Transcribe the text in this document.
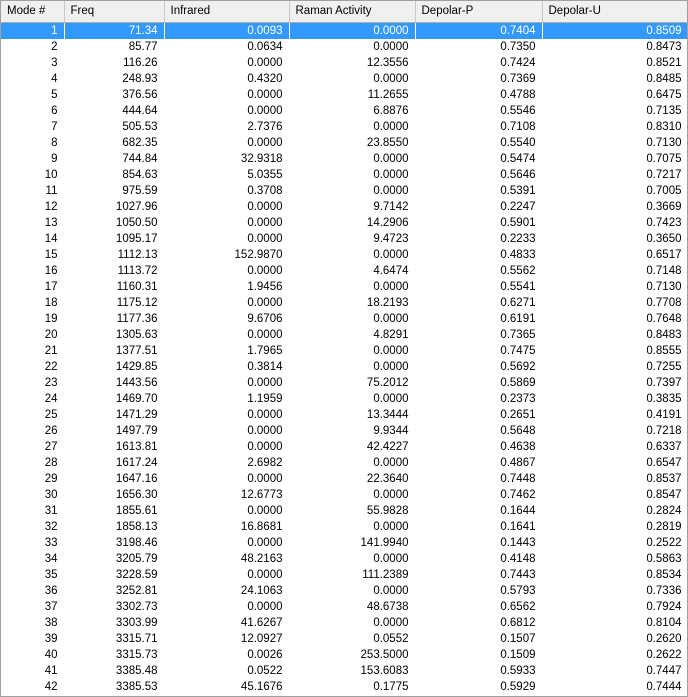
Mode #	Freq	Infrared	Raman Activity	Depolar-P	Depolar-U
1	71.34	0.0093	0.0000	0.7404	0.8509
2	85.77	0.0634	0.0000	0.7350	0.8473
3	116.26	0.0000	12.3556	0.7424	0.8521
4	248.93	0.4320	0.0000	0.7369	0.8485
5	376.56	0.0000	11.2655	0.4788	0.6475
6	444.64	0.0000	6.8876	0.5546	0.7135
7	505.53	2.7376	0.0000	0.7108	0.8310
8	682.35	0.0000	23.8550	0.5540	0.7130
9	744.84	32.9318	0.0000	0.5474	0.7075
10	854.63	5.0355	0.0000	0.5646	0.7217
11	975.59	0.3708	0.0000	0.5391	0.7005
12	1027.96	0.0000	9.7142	0.2247	0.3669
13	1050.50	0.0000	14.2906	0.5901	0.7423
14	1095.17	0.0000	9.4723	0.2233	0.3650
15	1112.13	152.9870	0.0000	0.4833	0.6517
16	1113.72	0.0000	4.6474	0.5562	0.7148
17	1160.31	1.9456	0.0000	0.5541	0.7130
18	1175.12	0.0000	18.2193	0.6271	0.7708
19	1177.36	9.6706	0.0000	0.6191	0.7648
20	1305.63	0.0000	4.8291	0.7365	0.8483
21	1377.51	1.7965	0.0000	0.7475	0.8555
22	1429.85	0.3814	0.0000	0.5692	0.7255
23	1443.56	0.0000	75.2012	0.5869	0.7397
24	1469.70	1.1959	0.0000	0.2373	0.3835
25	1471.29	0.0000	13.3444	0.2651	0.4191
26	1497.79	0.0000	9.9344	0.5648	0.7218
27	1613.81	0.0000	42.4227	0.4638	0.6337
28	1617.24	2.6982	0.0000	0.4867	0.6547
29	1647.16	0.0000	22.3640	0.7448	0.8537
30	1656.30	12.6773	0.0000	0.7462	0.8547
31	1855.61	0.0000	55.9828	0.1644	0.2824
32	1858.13	16.8681	0.0000	0.1641	0.2819
33	3198.46	0.0000	141.9940	0.1443	0.2522
34	3205.79	48.2163	0.0000	0.4148	0.5863
35	3228.59	0.0000	111.2389	0.7443	0.8534
36	3252.81	24.1063	0.0000	0.5793	0.7336
37	3302.73	0.0000	48.6738	0.6562	0.7924
38	3303.99	41.6267	0.0000	0.6812	0.8104
39	3315.71	12.0927	0.0552	0.1507	0.2620
40	3315.73	0.0026	253.5000	0.1509	0.2622
41	3385.48	0.0522	153.6083	0.5933	0.7447
42	3385.53	45.1676	0.1775	0.5929	0.7444
